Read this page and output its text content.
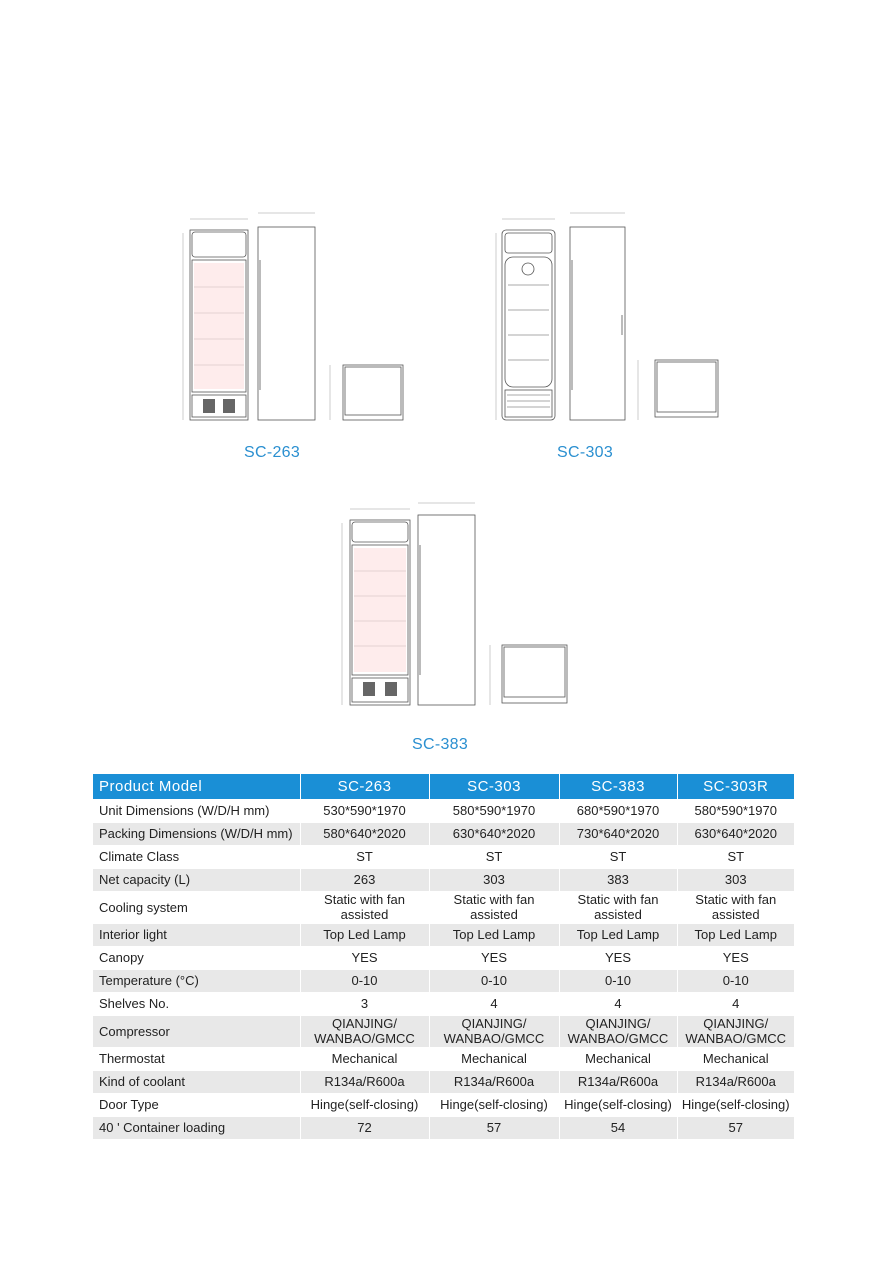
SC-263	SC-303
SC-383
Product Model	SC-263	SC-303	SC-383	SC-303R
Unit Dimensions (W/D/H mm)	530*590*1970	580*590*1970	680*590*1970	580*590*1970
Packing Dimensions (W/D/H mm)	580*640*2020	630*640*2020	730*640*2020	630*640*2020
Climate Class	ST	ST	ST	ST
Net capacity (L)	263	303	383	303
Cooling system	Static with fan assisted	Static with fan assisted	Static with fan assisted	Static with fan assisted
Interior light	Top Led Lamp	Top Led Lamp	Top Led Lamp	Top Led Lamp
Canopy	YES	YES	YES	YES
Temperature (°C)	0-10	0-10	0-10	0-10
Shelves No.	3	4	4	4
Compressor	QIANJING/ WANBAO/GMCC	QIANJING/ WANBAO/GMCC	QIANJING/ WANBAO/GMCC	QIANJING/ WANBAO/GMCC
Thermostat	Mechanical	Mechanical	Mechanical	Mechanical
Kind of coolant	R134a/R600a	R134a/R600a	R134a/R600a	R134a/R600a
Door Type	Hinge(self-closing)	Hinge(self-closing)	Hinge(self-closing)	Hinge(self-closing)
40 ' Container loading	72	57	54	57
